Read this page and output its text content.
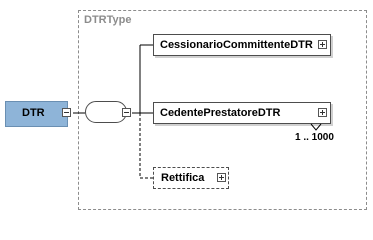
DTRType
DTR
CessionarioCommittenteDTR
CedentePrestatoreDTR
1 .. 1000
Rettifica
